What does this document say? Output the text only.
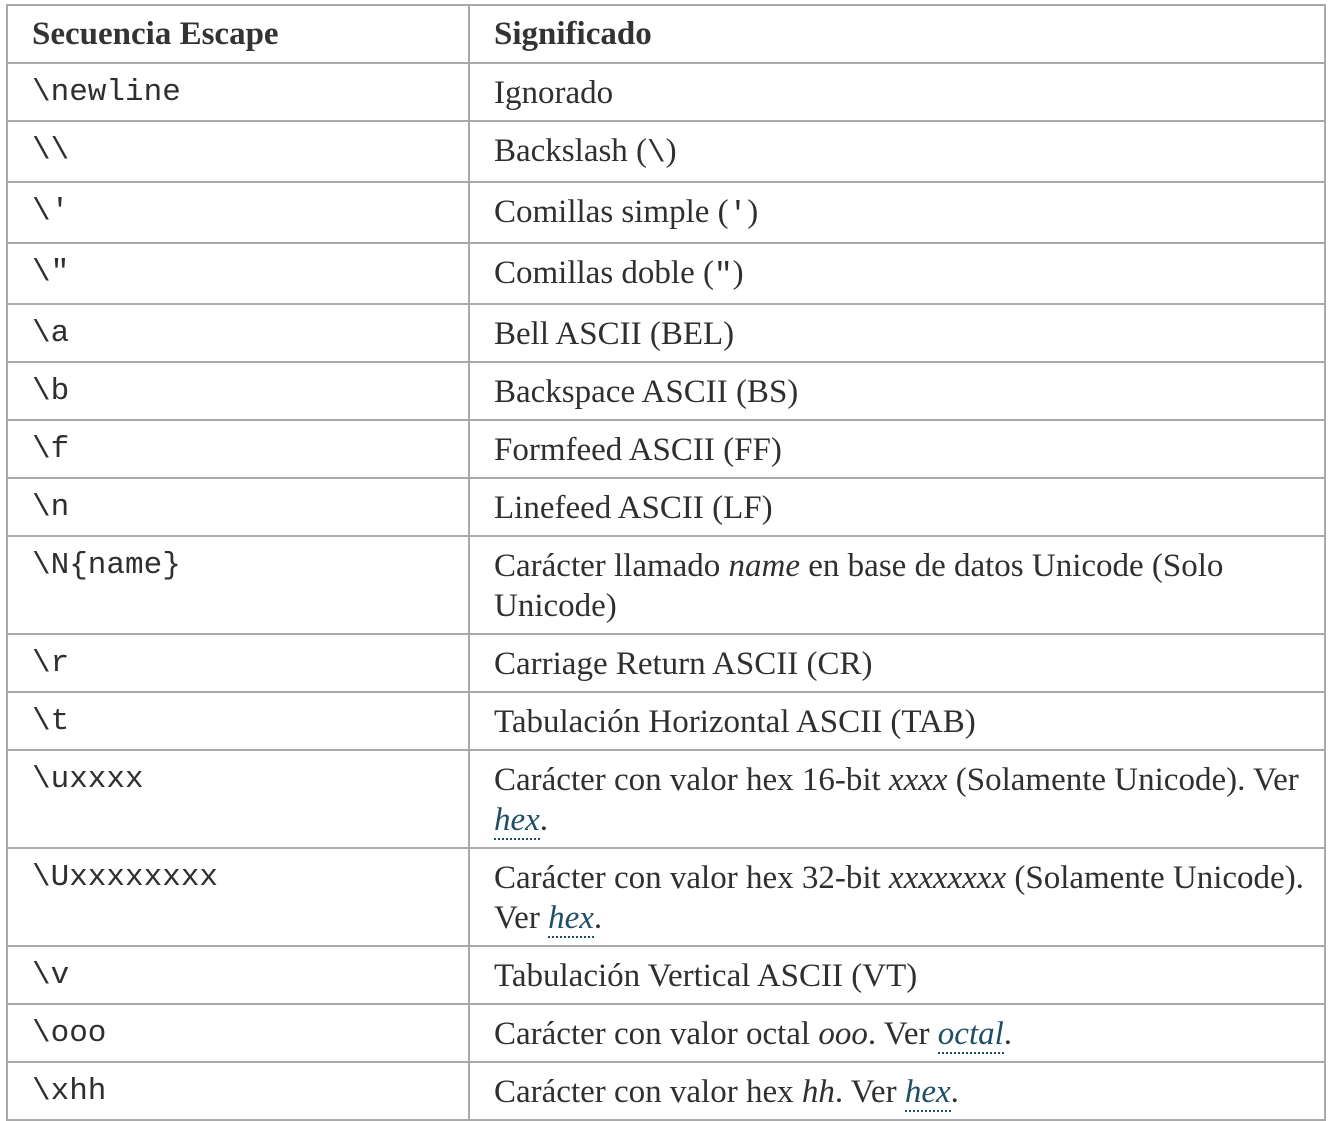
Secuencia Escape	Significado
\newline	Ignorado
\\	Backslash (\)
\'	Comillas simple (')
\"	Comillas doble (")
\a	Bell ASCII (BEL)
\b	Backspace ASCII (BS)
\f	Formfeed ASCII (FF)
\n	Linefeed ASCII (LF)
\N{name}	Carácter llamado name en base de datos Unicode (Solo Unicode)
\r	Carriage Return ASCII (CR)
\t	Tabulación Horizontal ASCII (TAB)
\uxxxx	Carácter con valor hex 16-bit xxxx (Solamente Unicode). Ver hex.
\Uxxxxxxxx	Carácter con valor hex 32-bit xxxxxxxx (Solamente Unicode). Ver hex.
\v	Tabulación Vertical ASCII (VT)
\ooo	Carácter con valor octal ooo. Ver octal.
\xhh	Carácter con valor hex hh. Ver hex.
